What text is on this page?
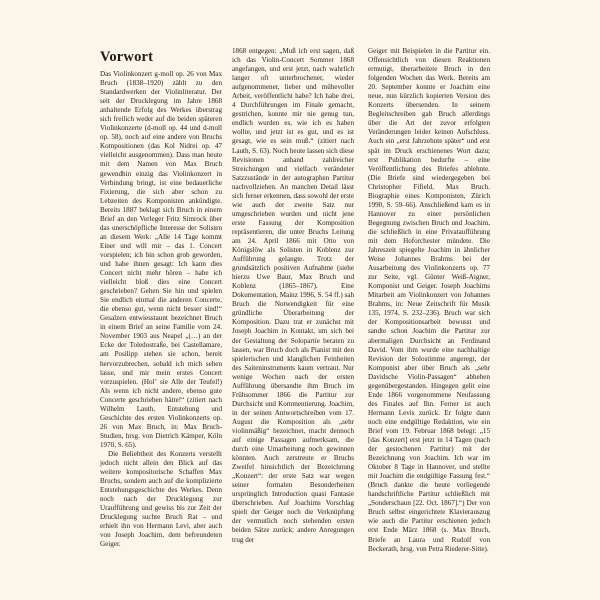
Vorwort

Das Violinkonzert g-moll op. 26 von Max Bruch (1838–1920) zählt zu den Standardwerken der Violinliteratur. Der seit der Drucklegung im Jahre 1868 anhaltende Erfolg des Werkes überstrag sich freilich weder auf die beiden späteren Violinkonzerte (d-moll op. 44 und d-moll op. 58), noch auf eine andere von Bruchs Kompositionen (das Kol Nidrei op. 47 vielleicht ausgenommen). Dass man heute mit dem Namen von Max Bruch gewendhin einzig das Violinkonzert in Verbindung bringt, ist eine bedauerliche Fixierung, die sich aber schon zu Lebzeiten des Komponisten ankündigte. Bereits 1887 beklagt sich Bruch in einem Brief an den Verleger Fritz Simrock über das unerschöpfliche Interesse der Solisten an diesem Werk: „Alle 14 Tage kommt Einer und will mir – das 1. Concert vorspielen; ich bin schon grob geworden, und habe ihnen gesagt: Ich kann dies Concert nicht mehr hören – habe ich vielleicht bloß dies eine Concert geschrieben? Gehen Sie hin und spielen Sie endlich einmal die anderen Concerte, die ebenso gut, wenn nicht besser sind!“ Gesalzen entwiesstaunt bezeichnet Bruch in einem Brief an seine Familie vom 24. November 1903 aus Neapel „(…) an der Ecke der Toledostraße, bei Castellamare, am Posilipp stehen sie schon, bereit hervorzubrechen, sobald ich mich sehen lasse, und mir mein erstes Concert vorzuspielen. (Hol’ sie Alle der Teufel!) Als wenn ich nicht andere, ebenso gute Concerte geschrieben hätte!“ (zitiert nach Wilhelm Lauth, Entstehung und Geschichte des ersten Violinkonzerts op. 26 von Max Bruch, in: Max Bruch-Studien, hrsg. von Dietrich Kämper, Köln 1970, S. 65).

Die Beliebtheit des Konzerts verstellt jedoch nicht allein den Blick auf das weitere kompositorische Schaffen Max Bruchs, sondern auch auf die komplizierte Entstehungsgeschichte des Werkes. Denn noch nach der Drucklegung zur Uraufführung und gewiss bis zur Zeit der Drucklegung suchte Bruch Rat – und erhielt ihn von Hermann Levi, aber auch von Joseph Joachim, dem befreundeten Geiger.

1868 entgegen: „Muß ich erst sagen, daß ich das Violin-Concert Sommer 1868 angefangen, und erst jetzt, nach wahrlich langer oft unterbrochener, wieder aufgenommener, lieber und mühevoller Arbeit, veröffentlicht habe? Ich habe drei, 4 Durchführungen im Finale gemacht, gestrichen, konnte mir nie genug tun, endlich wurden es, wie ich es haben wollte, und jetzt ist es gut, und es ist gesagt, wie es sein muß.“ (zitiert nach Lauth, S. 63). Noch heute lassen sich diese Revisionen anhand zahlreicher Streichungen und vielfach verändeter Satzzustände in der autographen Partitur nachvollziehen. An manchen Detail lässt sich ferner erkennen, dass sowohl der erste wie auch der zweite Satz nur umgeschrieben wurden und nicht jene erste Fassung der Komposition repräsentieren, die unter Bruchs Leitung am 24. April 1866 mit Otto von Königslöw als Solisten in Koblenz zur Aufführung gelangte. Trotz der grundsätzlich positiven Aufnahme (siehe hierzu Uwe Baur, Max Bruch und Koblenz (1865–1867). Eine Dokumentation, Mainz 1996, S. 54 ff.) sah Bruch die Notwendigkeit für eine gründliche Überarbeitung der Komposition. Dazu trat er zunächst mit Joseph Joachim in Kontakt, um sich bei der Gestaltung der Solopartie beraten zu lassen, war Bruch doch als Pianist mit den spielerischen und klanglichen Feinheiten des Saiteninstruments kaum vertraut. Nur wenige Wochen nach der ersten Aufführung übersandte ihm Bruch im Frühsommer 1866 die Partitur zur Durchsicht und Kommentierung. Joachim, in der seinen Antwortschreiben vom 17. August die Komposition als „sehr violinmäßig“ bezeichnet, macht dennoch auf einige Passagen aufmerksam, die durch eine Umarbeitung noch gewinnen könnten. Auch zerstreute er Bruchs Zweifel hinsichtlich der Bezeichnung „Konzert“: der erste Satz war wegen seiner formalen Besonderheiten ursprünglich Introduction quasi Fantasie überschrieben. Auf Joachims Vorschlag spielt der Geiger noch die Verknüpfung der vermutlich noch stehenden ersten beiden Sätze zurück; andere Anregungen trug der

Geiger mit Beispielen in die Partitur ein. Offensichtlich von diesen Reaktionen ermutigt, überarbeitete Bruch in den folgenden Wochen das Werk. Bereits am 20. September konnte er Joachim eine neue, nun kürzlich kopierten Version des Konzerts übersenden. In seinem Begleitschreiben gab Bruch allerdings über die Art der zuvor erfolgten Veränderungen leider keinen Aufschluss. Auch ein „erst Jahrzehnte später“ und erst spät im Druck erschienenes Wort dazu; erst Publikation bedurfte – eine Veröffentlichung des Briefes ablehnte. (Die Briefe sind wiedergegeben bei Christopher Fifield, Max Bruch. Biographie eines Komponisten, Zürich 1990, S. 59–66). Anschließend kam es in Hannover zu einer persönlichen Begegnung zwischen Bruch und Joachim, die schließlich in eine Privataufführung mit dem Hoforchester mündete. Die Jahreszeit spiegelte Joachim in ähnlicher Weise Johannes Brahms bei der Ausarbeitung des Violinkonzerts op. 77 zur Seite, vgl. Günter Weiß-Aigner, Komponist und Geiger. Joseph Joachims Mitarbeit am Violinkonzert von Johannes Brahms, in: Neue Zeitschrift für Musik 135, 1974, S. 232–236). Bruch war sich der Kompositionsarbeit bewusst und sandte schon Joachim die Partitur zur abermaligen Durchsicht an Ferdinand David. Vom ihm wurde eine nachhaltige Revision der Solostimme angeregt, der Komponist aber über Bruch als „sehr Davidsche Violin-Passagen“ abheben gegenübergestanden. Hingegen gelit eine Ende 1866 vorgenommene Neufassung des Finales auf Ihn. Ferner ist auch Hermann Levis zurück. Er folgte dann noch eine endgültige Redaktion, wie ein Brief vom 19. Februar 1868 belegt: „15 [das Konzert] erst jetzt in 14 Tagen (nach der gestochenen Partitur) mit der Bezeichnung von Joachim. Ich war im Oktober 8 Tage in Hannover, und stellte mit Joachim die endgültige Fassung fest.“ (Bruch dankte die heute vorliegende handschriftliche Partitur schließlich mit „Sonderschaun [22. Oct. 1867].“) Der von Bruch selbst eingerichtete Klavierauszug wie auch die Partitur erschienen jedoch erst Ende März 1868 (s. Max Bruch, Briefe an Laura und Rudolf von Beckerath, hrsg. von Petra Riederer-Sitte).
